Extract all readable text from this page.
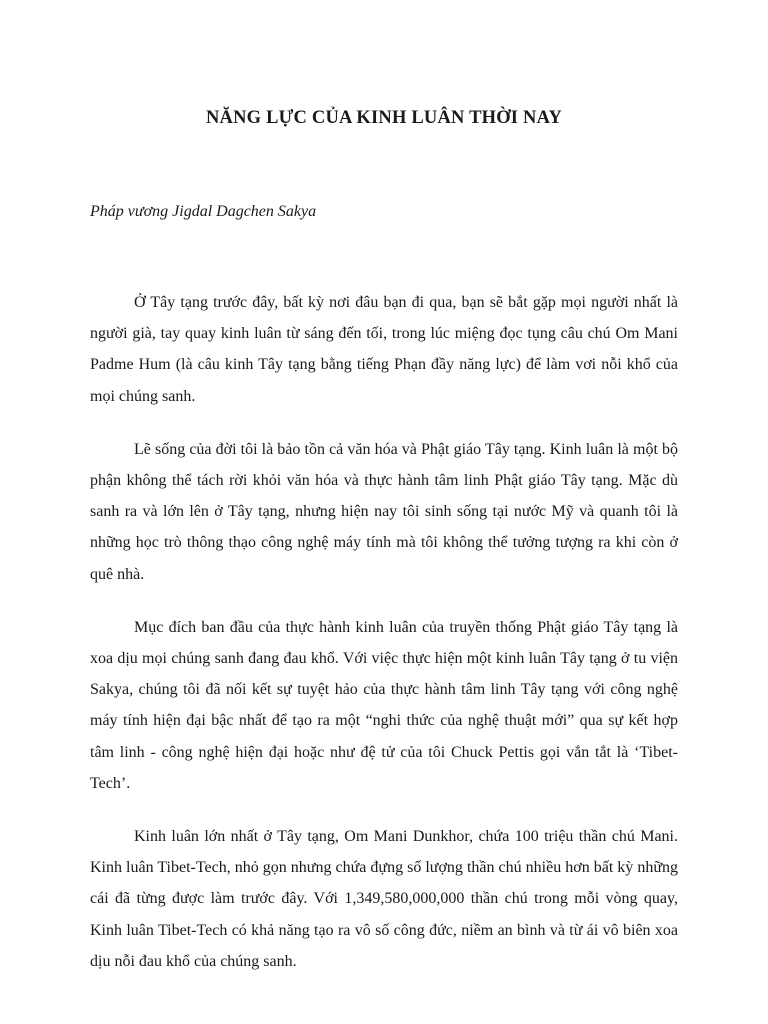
NĂNG LỰC CỦA KINH LUÂN THỜI NAY

Pháp vương Jigdal Dagchen Sakya

Ở Tây tạng trước đây, bất kỳ nơi đâu bạn đi qua, bạn sẽ bắt gặp mọi người nhất là người già, tay quay kinh luân từ sáng đến tối, trong lúc miệng đọc tụng câu chú Om Mani Padme Hum (là câu kinh Tây tạng bằng tiếng Phạn đầy năng lực) để làm vơi nỗi khổ của mọi chúng sanh.

Lẽ sống của đời tôi là bảo tồn cả văn hóa và Phật giáo Tây tạng. Kinh luân là một bộ phận không thể tách rời khỏi văn hóa và thực hành tâm linh Phật giáo Tây tạng. Mặc dù sanh ra và lớn lên ở Tây tạng, nhưng hiện nay tôi sinh sống tại nước Mỹ và quanh tôi là những học trò thông thạo công nghệ máy tính mà tôi không thể tưởng tượng ra khi còn ở quê nhà.

Mục đích ban đầu của thực hành kinh luân của truyền thống Phật giáo Tây tạng là xoa dịu mọi chúng sanh đang đau khổ. Với việc thực hiện một kinh luân Tây tạng ở tu viện Sakya, chúng tôi đã nối kết sự tuyệt hảo của thực hành tâm linh Tây tạng với công nghệ máy tính hiện đại bậc nhất để tạo ra một “nghi thức của nghệ thuật mới” qua sự kết hợp tâm linh - công nghệ hiện đại hoặc như đệ tử của tôi Chuck Pettis gọi vắn tắt là ‘Tibet-Tech’.

Kinh luân lớn nhất ở Tây tạng, Om Mani Dunkhor, chứa 100 triệu thần chú Mani. Kinh luân Tibet-Tech, nhỏ gọn nhưng chứa đựng số lượng thần chú nhiều hơn bất kỳ những cái đã từng được làm trước đây. Với 1,349,580,000,000 thần chú trong mỗi vòng quay, Kinh luân Tibet-Tech có khả năng tạo ra vô số công đức, niềm an bình và từ ái vô biên xoa dịu nỗi đau khổ của chúng sanh.
